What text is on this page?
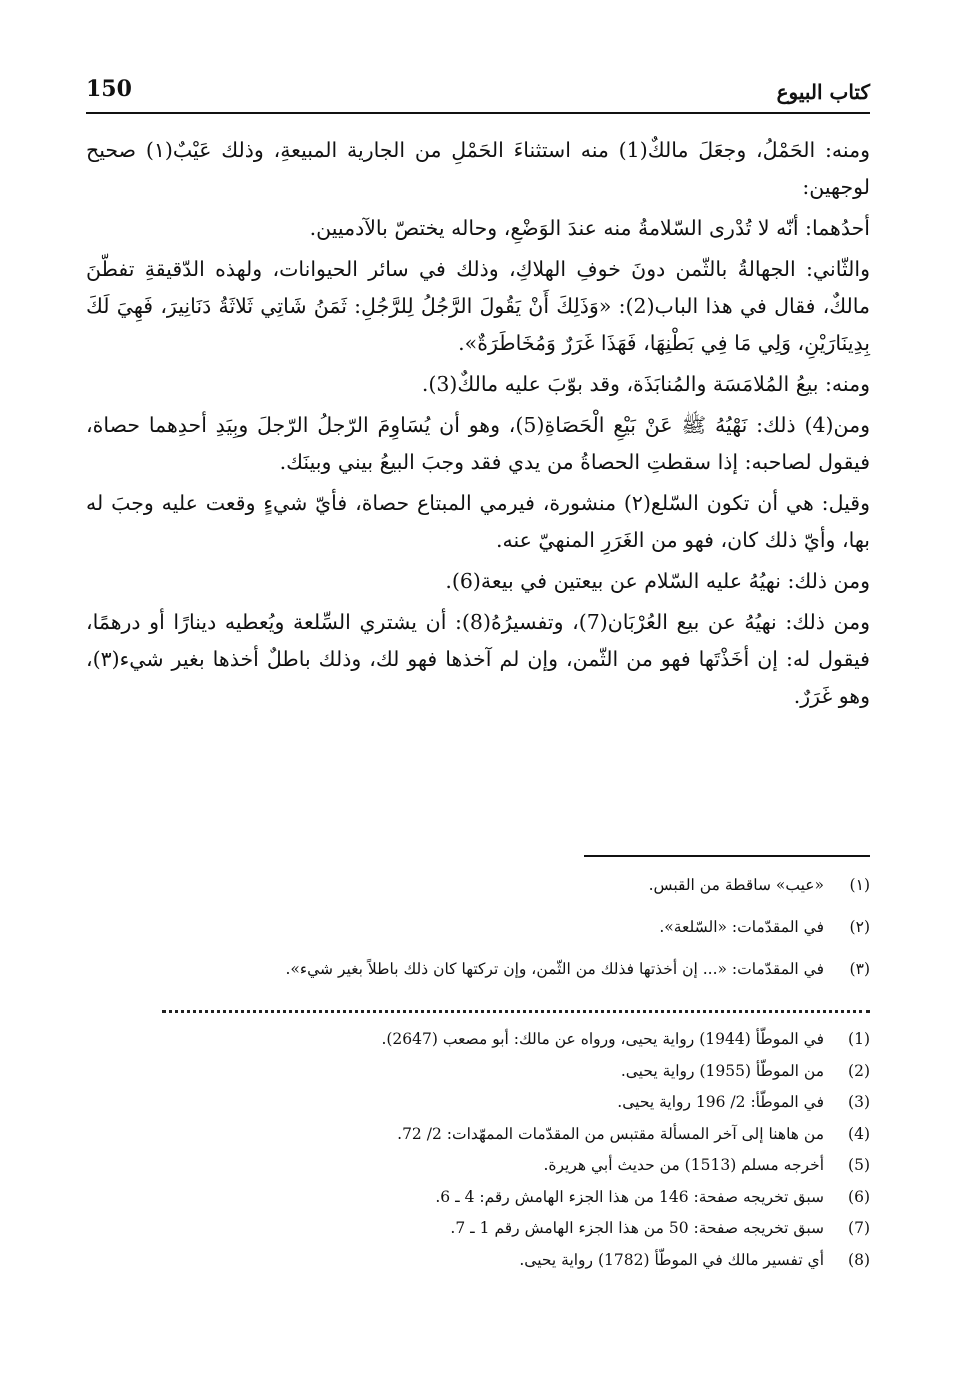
150	كتاب البيوع

ومنه: الحَمْلُ، وجعَلَ مالكٌ(1) منه استثناءَ الحَمْلِ من الجارية المبيعةِ، وذلك عَيْبٌ(١) صحيح لوجهين:

أحدُهما: أنّه لا تُدْرى السّلامةُ منه عندَ الوَضْعِ، وحاله يختصّ بالآدميين.

والثّاني: الجهالةُ بالثّمن دونَ خوفِ الهلاكِ، وذلك في سائر الحيوانات، ولهذه الدّقيقةِ تفطّنَ مالكٌ، فقال في هذا الباب(2): «وَذَلِكَ أَنْ يَقُولَ الرَّجُلُ لِلرَّجُلِ: ثَمَنُ شَاتِي ثَلاثَةُ دَنَانِيرَ، فَهِيَ لَكَ بِدِينَارَيْنِ، وَلِي مَا فِي بَطْنِهَا، فَهَذَا غَرَرٌ وَمُخَاطَرَةٌ».

ومنه: بيعُ المُلامَسَة والمُنابَذَة، وقد بوّبَ عليه مالكٌ(3).

ومن(4) ذلك: نَهْيُهُ ﷺ عَنْ بَيْعِ الْحَصَاةِ(5)، وهو أن يُسَاوِمَ الرّجلُ الرّجلَ وبِيَدِ أحدِهما حصاة، فيقول لصاحبه: إذا سقطتِ الحصاةُ من يدي فقد وجبَ البيعُ بيني وبينَك.

وقيل: هي أن تكون السّلع(٢) منشورة، فيرمي المبتاع حصاة، فأيّ شيءٍ وقعت عليه وجبَ له بها، وأيّ ذلك كان، فهو من الغَرَرِ المنهيّ عنه.

ومن ذلك: نهيُهُ عليه السّلام عن بيعتين في بيعة(6).

ومن ذلك: نهيُهُ عن بيع العُرْبَان(7)، وتفسيرُهُ(8): أن يشتري السِّلعة ويُعطيه دينارًا أو درهمًا، فيقول له: إن أخَذْتَها فهو من الثّمن، وإن لم آخذها فهو لك، وذلك باطلٌ أخذها بغير شيء(٣)، وهو غَرَرٌ.

(١)
«عيب» ساقطة من القبس.
(٢)
في المقدّمات: «السّلعة».
(٣)
في المقدّمات: «... إن أخذتها فذلك من الثّمن، وإن تركتها كان ذلك باطلاً بغير شيء».
(1)
في الموطّأ (1944) رواية يحيى، ورواه عن مالك: أبو مصعب (2647).
(2)
من الموطّأ (1955) رواية يحيى.
(3)
في الموطّأ: 2/ 196 رواية يحيى.
(4)
من هاهنا إلى آخر المسألة مقتبس من المقدّمات الممهّدات: 2/ 72.
(5)
أخرجه مسلم (1513) من حديث أبي هريرة.
(6)
سبق تخريجه صفحة: 146 من هذا الجزء الهامش رقم: 4 ـ 6.
(7)
سبق تخريجه صفحة: 50 من هذا الجزء الهامش رقم 1 ـ 7.
(8)
أي تفسير مالك في الموطّأ (1782) رواية يحيى.
